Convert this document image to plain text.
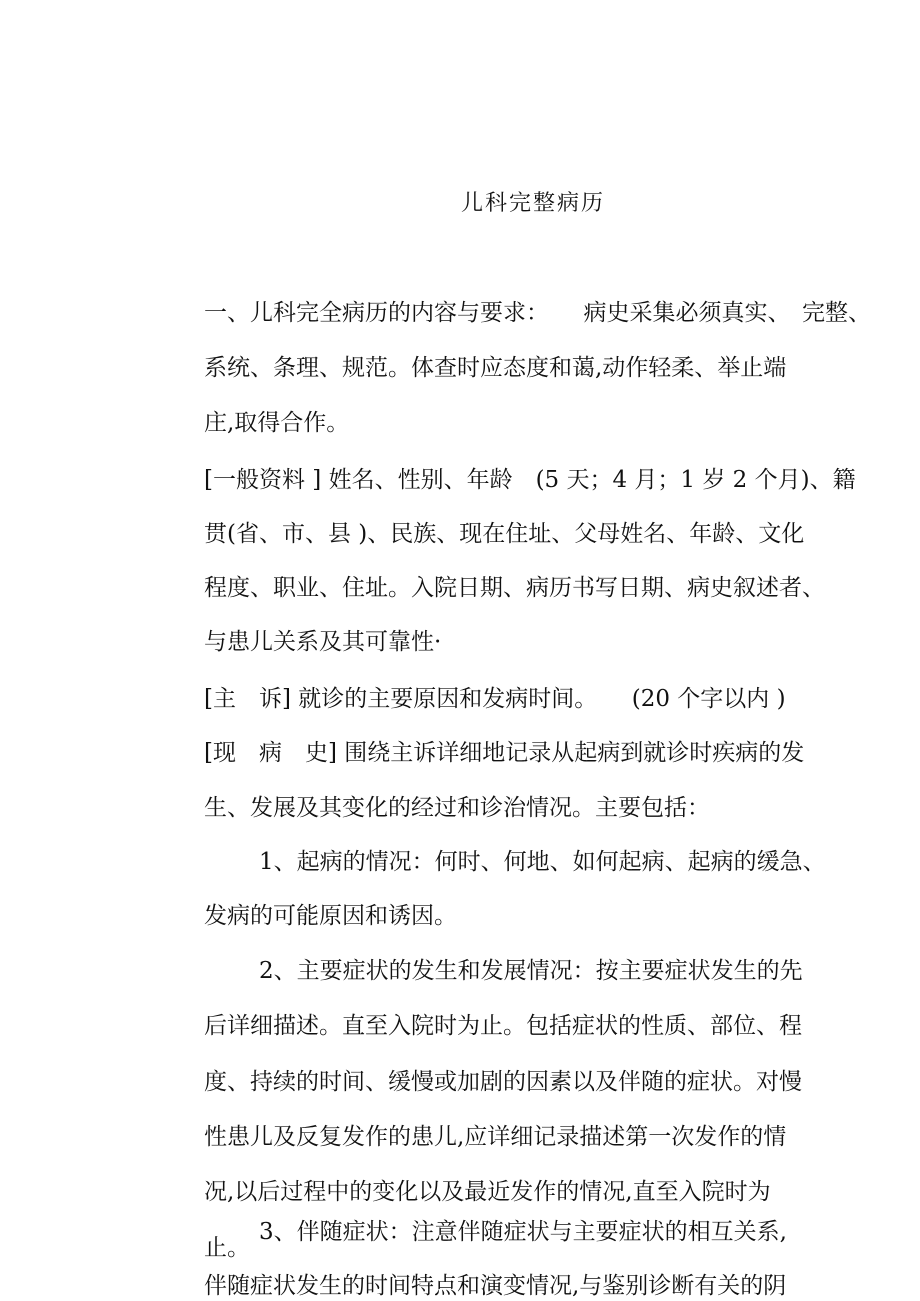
儿科完整病历
一、儿科完全病历的内容与要求：　　病史采集必须真实、　完整、
系统、条理、规范。体查时应态度和蔼,动作轻柔、举止端
庄,取得合作。
[一般资料 ] 姓名、性别、年龄　(5 天；4 月；1 岁 2 个月)、籍
贯(省、市、县 )、民族、现在住址、父母姓名、年龄、文化
程度、职业、住址。入院日期、病历书写日期、病史叙述者、
与患儿关系及其可靠性·
[主　诉] 就诊的主要原因和发病时间。　　(20 个字以内 )
[现　病　史] 围绕主诉详细地记录从起病到就诊时疾病的发
生、发展及其变化的经过和诊治情况。主要包括：
1、起病的情况：何时、何地、如何起病、起病的缓急、
发病的可能原因和诱因。
2、主要症状的发生和发展情况：按主要症状发生的先
后详细描述。直至入院时为止。包括症状的性质、部位、程
度、持续的时间、缓慢或加剧的因素以及伴随的症状。对慢
性患儿及反复发作的患儿,应详细记录描述第一次发作的情
况,以后过程中的变化以及最近发作的情况,直至入院时为
止。
3、伴随症状：注意伴随症状与主要症状的相互关系,
伴随症状发生的时间特点和演变情况,与鉴别诊断有关的阴
